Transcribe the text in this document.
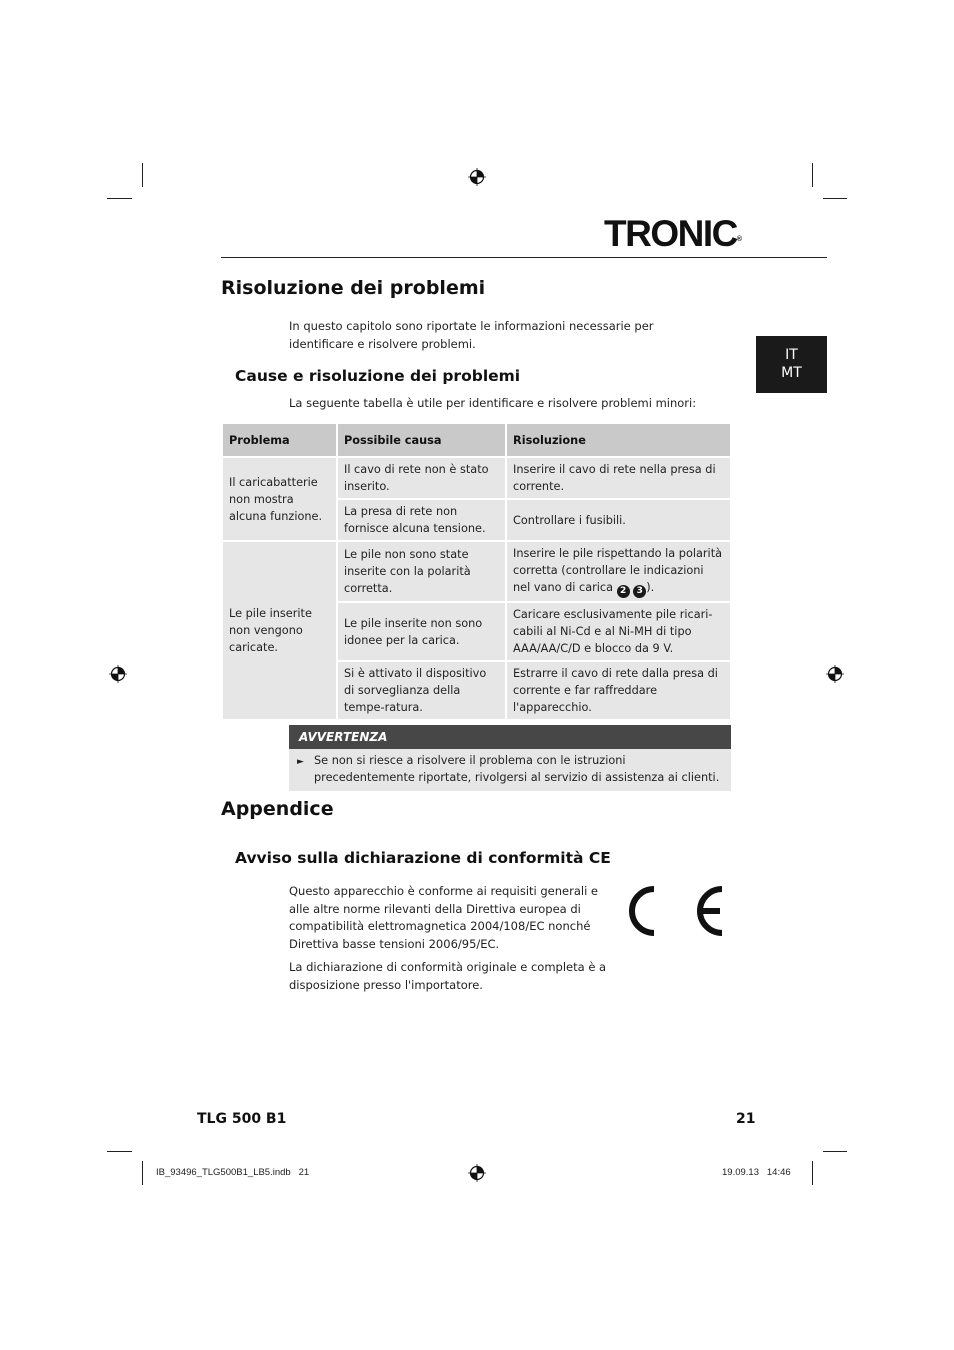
TRONIC®
IT
MT
Risoluzione dei problemi
In questo capitolo sono riportate le informazioni necessarie per identificare e risolvere problemi.
Cause e risoluzione dei problemi
La seguente tabella è utile per identificare e risolvere problemi minori:
Problema	Possibile causa	Risoluzione
Il caricabatterie non mostra alcuna funzione.	Il cavo di rete non è stato inserito.	Inserire il cavo di rete nella presa di corrente.
	La presa di rete non fornisce alcuna tensione.	Controllare i fusibili.
Le pile inserite non vengono caricate.	Le pile non sono state inserite con la polarità corretta.	Inserire le pile rispettando la polarità corretta (controllare le indicazioni nel vano di carica 2 3 ).
	Le pile inserite non sono idonee per la carica.	Caricare esclusivamente pile ricari-cabili al Ni-Cd e al Ni-MH di tipo AAA/AA/C/D e blocco da 9 V.
	Si è attivato il dispositivo di sorveglianza della tempe-ratura.	Estrarre il cavo di rete dalla presa di corrente e far raffreddare l'apparecchio.
AVVERTENZA
► Se non si riesce a risolvere il problema con le istruzioni precedentemente riportate, rivolgersi al servizio di assistenza ai clienti.
Appendice
Avviso sulla dichiarazione di conformità CE
Questo apparecchio è conforme ai requisiti generali e alle altre norme rilevanti della Direttiva europea di compatibilità elettromagnetica 2004/108/EC nonché Direttiva basse tensioni 2006/95/EC.
La dichiarazione di conformità originale e completa è a disposizione presso l'importatore.
TLG 500 B1	21
IB_93496_TLG500B1_LB5.indb   21	19.09.13   14:46
